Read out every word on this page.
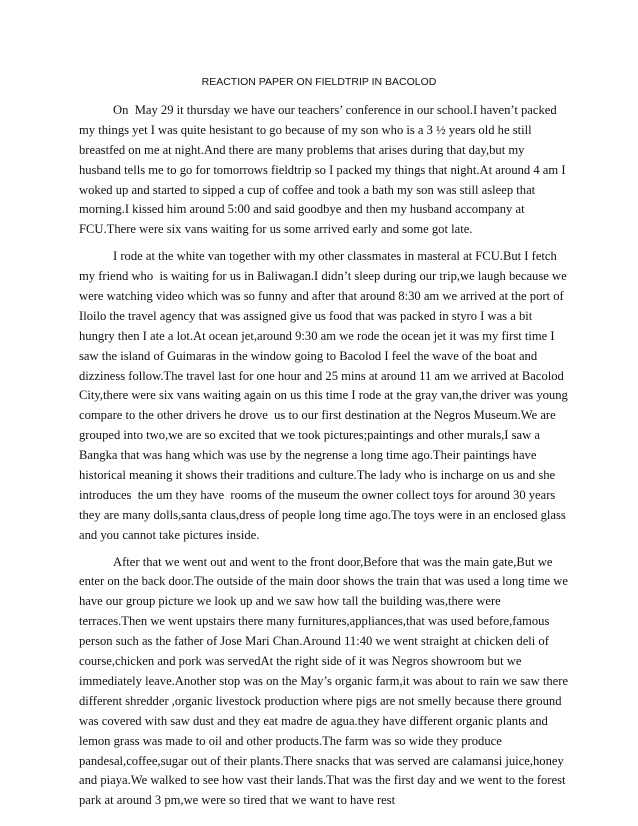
REACTION PAPER ON FIELDTRIP IN BACOLOD
On  May 29 it thursday we have our teachers’ conference in our school.I haven’t packed
my things yet I was quite hesistant to go because of my son who is a 3 ½ years old he still
breastfed on me at night.And there are many problems that arises during that day,but my
husband tells me to go for tomorrows fieldtrip so I packed my things that night.At around 4 am I
woked up and started to sipped a cup of coffee and took a bath my son was still asleep that
morning.I kissed him around 5:00 and said goodbye and then my husband accompany at
FCU.There were six vans waiting for us some arrived early and some got late.
I rode at the white van together with my other classmates in masteral at FCU.But I fetch
my friend who  is waiting for us in Baliwagan.I didn’t sleep during our trip,we laugh because we
were watching video which was so funny and after that around 8:30 am we arrived at the port of
Iloilo the travel agency that was assigned give us food that was packed in styro I was a bit
hungry then I ate a lot.At ocean jet,around 9:30 am we rode the ocean jet it was my first time I
saw the island of Guimaras in the window going to Bacolod I feel the wave of the boat and
dizziness follow.The travel last for one hour and 25 mins at around 11 am we arrived at Bacolod
City,there were six vans waiting again on us this time I rode at the gray van,the driver was young
compare to the other drivers he drove  us to our first destination at the Negros Museum.We are
grouped into two,we are so excited that we took pictures;paintings and other murals,I saw a
Bangka that was hang which was use by the negrense a long time ago.Their paintings have
historical meaning it shows their traditions and culture.The lady who is incharge on us and she
introduces  the um they have  rooms of the museum the owner collect toys for around 30 years
they are many dolls,santa claus,dress of people long time ago.The toys were in an enclosed glass
and you cannot take pictures inside.
After that we went out and went to the front door,Before that was the main gate,But we
enter on the back door.The outside of the main door shows the train that was used a long time we
have our group picture we look up and we saw how tall the building was,there were
terraces.Then we went upstairs there many furnitures,appliances,that was used before,famous
person such as the father of Jose Mari Chan.Around 11:40 we went straight at chicken deli of
course,chicken and pork was servedAt the right side of it was Negros showroom but we
immediately leave.Another stop was on the May’s organic farm,it was about to rain we saw there
different shredder ,organic livestock production where pigs are not smelly because there ground
was covered with saw dust and they eat madre de agua.they have different organic plants and
lemon grass was made to oil and other products.The farm was so wide they produce
pandesal,coffee,sugar out of their plants.There snacks that was served are calamansi juice,honey
and piaya.We walked to see how vast their lands.That was the first day and we went to the forest
park at around 3 pm,we were so tired that we want to have rest
